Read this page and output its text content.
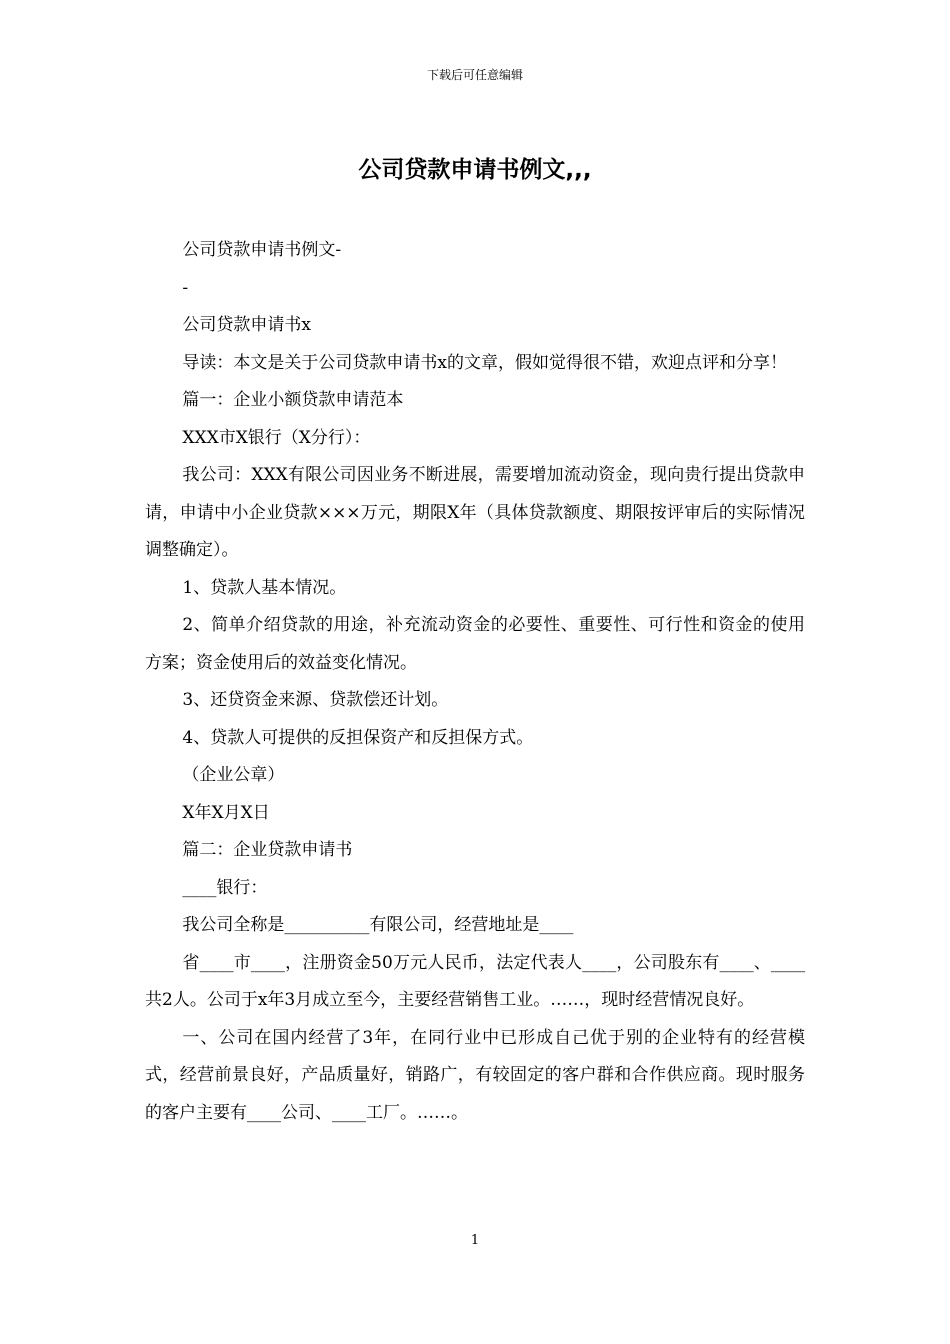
下载后可任意编辑
公司贷款申请书例文,,,

公司贷款申请书例文-

-

公司贷款申请书x

导读：本文是关于公司贷款申请书x的文章，假如觉得很不错，欢迎点评和分享！

篇一：企业小额贷款申请范本

XXX市X银行（X分行）：

我公司：XXX有限公司因业务不断进展，需要增加流动资金，现向贵行提出贷款申请，申请中小企业贷款×××万元，期限X年（具体贷款额度、期限按评审后的实际情况调整确定）。

1、贷款人基本情况。

2、简单介绍贷款的用途，补充流动资金的必要性、重要性、可行性和资金的使用方案；资金使用后的效益变化情况。

3、还贷资金来源、贷款偿还计划。

4、贷款人可提供的反担保资产和反担保方式。

（企业公章）

X年X月X日

篇二：企业贷款申请书

____银行：

我公司全称是__________有限公司，经营地址是____

省____市____，注册资金50万元人民币，法定代表人____，公司股东有____、____共2人。公司于x年3月成立至今，主要经营销售工业。……，现时经营情况良好。

一、公司在国内经营了3年，在同行业中已形成自己优于别的企业特有的经营模式，经营前景良好，产品质量好，销路广，有较固定的客户群和合作供应商。现时服务的客户主要有____公司、____工厂。……。

1
